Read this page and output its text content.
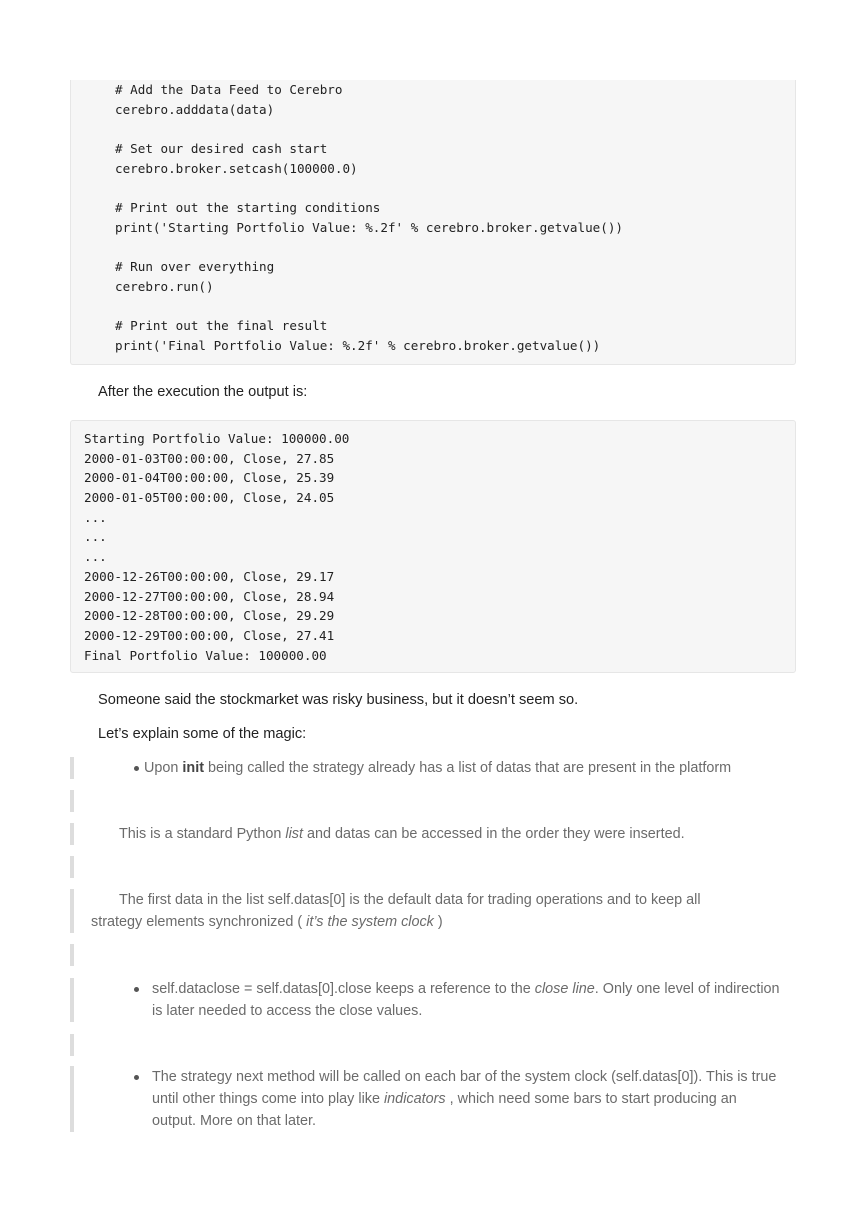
# Add the Data Feed to Cerebro
cerebro.adddata(data)
# Set our desired cash start
cerebro.broker.setcash(100000.0)
# Print out the starting conditions
print('Starting Portfolio Value: %.2f' % cerebro.broker.getvalue())
# Run over everything
cerebro.run()
# Print out the final result
print('Final Portfolio Value: %.2f' % cerebro.broker.getvalue())

After the execution the output is:

Starting Portfolio Value: 100000.00
2000-01-03T00:00:00, Close, 27.85
2000-01-04T00:00:00, Close, 25.39
2000-01-05T00:00:00, Close, 24.05
...
...
...
2000-12-26T00:00:00, Close, 29.17
2000-12-27T00:00:00, Close, 28.94
2000-12-28T00:00:00, Close, 29.29
2000-12-29T00:00:00, Close, 27.41
Final Portfolio Value: 100000.00

Someone said the stockmarket was risky business, but it doesn’t seem so.

Let’s explain some of the magic:

Upon init being called the strategy already has a list of datas that are present in the platform
This is a standard Python list and datas can be accessed in the order they were inserted.
The first data in the list self.datas[0] is the default data for trading operations and to keep all strategy elements synchronized ( it’s the system clock )
self.dataclose = self.datas[0].close keeps a reference to the close line. Only one level of indirection is later needed to access the close values.
The strategy next method will be called on each bar of the system clock (self.datas[0]). This is true until other things come into play like indicators , which need some bars to start producing an output. More on that later.
